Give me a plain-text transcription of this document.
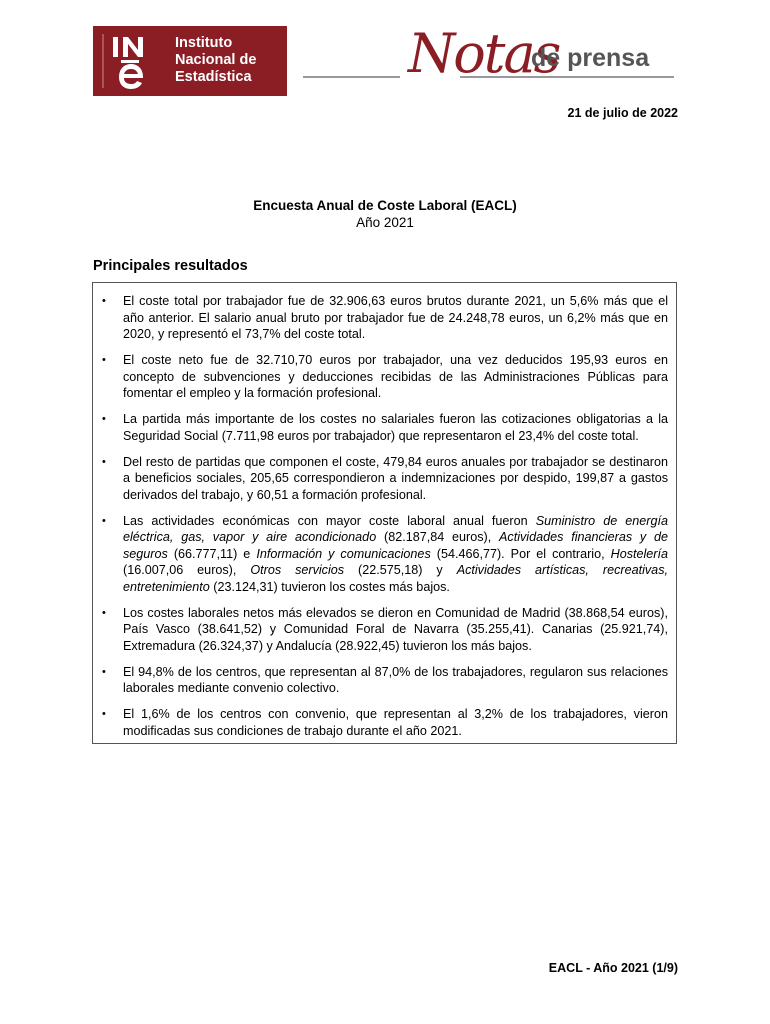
Instituto
Nacional de
Estadística	Notas
de prensa
21 de julio de 2022
Encuesta Anual de Coste Laboral (EACL)
Año 2021
Principales resultados
• El coste total por trabajador fue de 32.906,63 euros brutos durante 2021, un 5,6% más que el año anterior. El salario anual bruto por trabajador fue de 24.248,78 euros, un 6,2% más que en 2020, y representó el 73,7% del coste total.
• El coste neto fue de 32.710,70 euros por trabajador, una vez deducidos 195,93 euros en concepto de subvenciones y deducciones recibidas de las Administraciones Públicas para fomentar el empleo y la formación profesional.
• La partida más importante de los costes no salariales fueron las cotizaciones obligatorias a la Seguridad Social (7.711,98 euros por trabajador) que representaron el 23,4% del coste total.
• Del resto de partidas que componen el coste, 479,84 euros anuales por trabajador se destinaron a beneficios sociales, 205,65 correspondieron a indemnizaciones por despido, 199,87 a gastos derivados del trabajo, y 60,51 a formación profesional.
• Las actividades económicas con mayor coste laboral anual fueron Suministro de energía eléctrica, gas, vapor y aire acondicionado (82.187,84 euros), Actividades financieras y de seguros (66.777,11) e Información y comunicaciones (54.466,77). Por el contrario, Hostelería (16.007,06 euros), Otros servicios (22.575,18) y Actividades artísticas, recreativas, entretenimiento (23.124,31) tuvieron los costes más bajos.
• Los costes laborales netos más elevados se dieron en Comunidad de Madrid (38.868,54 euros), País Vasco (38.641,52) y Comunidad Foral de Navarra (35.255,41). Canarias (25.921,74), Extremadura (26.324,37) y Andalucía (28.922,45) tuvieron los más bajos.
• El 94,8% de los centros, que representan al 87,0% de los trabajadores, regularon sus relaciones laborales mediante convenio colectivo.
• El 1,6% de los centros con convenio, que representan al 3,2% de los trabajadores, vieron modificadas sus condiciones de trabajo durante el año 2021.
EACL - Año 2021 (1/9)
